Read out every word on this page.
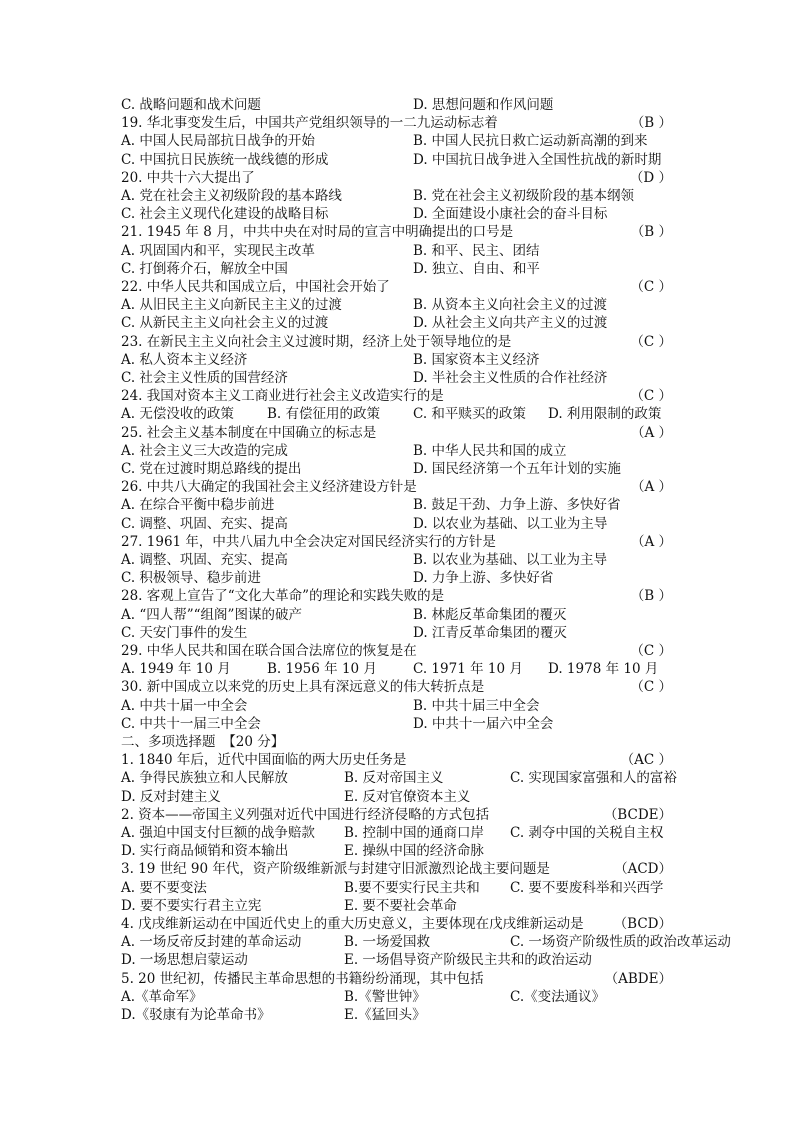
C. 战略问题和战术问题	D. 思想问题和作风问题
19. 华北事变发生后，中国共产党组织领导的一二九运动标志着	（B ）
A. 中国人民局部抗日战争的开始	B. 中国人民抗日救亡运动新高潮的到来
C. 中国抗日民族统一战线德的形成	D. 中国抗日战争进入全国性抗战的新时期
20. 中共十六大提出了	（D ）
A. 党在社会主义初级阶段的基本路线	B. 党在社会主义初级阶段的基本纲领
C. 社会主义现代化建设的战略目标	D. 全面建设小康社会的奋斗目标
21. 1945 年 8 月，中共中央在对时局的宣言中明确提出的口号是	（B ）
A. 巩固国内和平，实现民主改革	B. 和平、民主、团结
C. 打倒蒋介石，解放全中国	D. 独立、自由、和平
22. 中华人民共和国成立后，中国社会开始了	（C ）
A. 从旧民主主义向新民主主义的过渡	B. 从资本主义向社会主义的过渡
C. 从新民主主义向社会主义的过渡	D. 从社会主义向共产主义的过渡
23. 在新民主主义向社会主义过渡时期，经济上处于领导地位的是	（C ）
A. 私人资本主义经济	B. 国家资本主义经济
C. 社会主义性质的国营经济	D. 半社会主义性质的合作社经济
24. 我国对资本主义工商业进行社会主义改造实行的是	（C ）
A. 无偿没收的政策 B. 有偿征用的政策 C. 和平赎买的政策 D. 利用限制的政策
25. 社会主义基本制度在中国确立的标志是	（A ）
A. 社会主义三大改造的完成	B. 中华人民共和国的成立
C. 党在过渡时期总路线的提出	D. 国民经济第一个五年计划的实施
26. 中共八大确定的我国社会主义经济建设方针是	（A ）
A. 在综合平衡中稳步前进	B. 鼓足干劲、力争上游、多快好省
C. 调整、巩固、充实、提高	D. 以农业为基础、以工业为主导
27. 1961 年，中共八届九中全会决定对国民经济实行的方针是	（A ）
A. 调整、巩固、充实、提高	B. 以农业为基础、以工业为主导
C. 积极领导、稳步前进	D. 力争上游、多快好省
28. 客观上宣告了“文化大革命”的理论和实践失败的是	（B ）
A. “四人帮”“组阁”图谋的破产	B. 林彪反革命集团的覆灭
C. 天安门事件的发生	D. 江青反革命集团的覆灭
29. 中华人民共和国在联合国合法席位的恢复是在	（C ）
A. 1949 年 10 月	B. 1956 年 10 月	C. 1971 年 10 月 D. 1978 年 10 月
30. 新中国成立以来党的历史上具有深远意义的伟大转折点是	（C ）
A. 中共十届一中全会	B. 中共十届三中全会
C. 中共十一届三中全会	D. 中共十一届六中全会
二、多项选择题　【20 分】
1. 1840 年后，近代中国面临的两大历史任务是	（AC ）
A. 争得民族独立和人民解放	B. 反对帝国主义	C. 实现国家富强和人的富裕
D. 反对封建主义	E. 反对官僚资本主义
2. 资本——帝国主义列强对近代中国进行经济侵略的方式包括	（BCDE）
A. 强迫中国支付巨额的战争赔款 B. 控制中国的通商口岸 C. 剥夺中国的关税自主权
D. 实行商品倾销和资本输出	E. 操纵中国的经济命脉
3. 19 世纪 90 年代，资产阶级维新派与封建守旧派激烈论战主要问题是	（ACD）
A. 要不要变法	B.要不要实行民主共和 C. 要不要废科举和兴西学
D. 要不要实行君主立宪	E. 要不要社会革命
4. 戊戌维新运动在中国近代史上的重大历史意义，主要体现在戊戌维新运动是 （BCD）
A. 一场反帝反封建的革命运动	B. 一场爱国救	C. 一场资产阶级性质的政治改革运动
D. 一场思想启蒙运动	E. 一场倡导资产阶级民主共和的政治运动
5. 20 世纪初，传播民主革命思想的书籍纷纷涌现，其中包括	（ABDE）
A.《革命军》	B.《警世钟》	C.《变法通议》
D.《驳康有为论革命书》	E.《猛回头》
